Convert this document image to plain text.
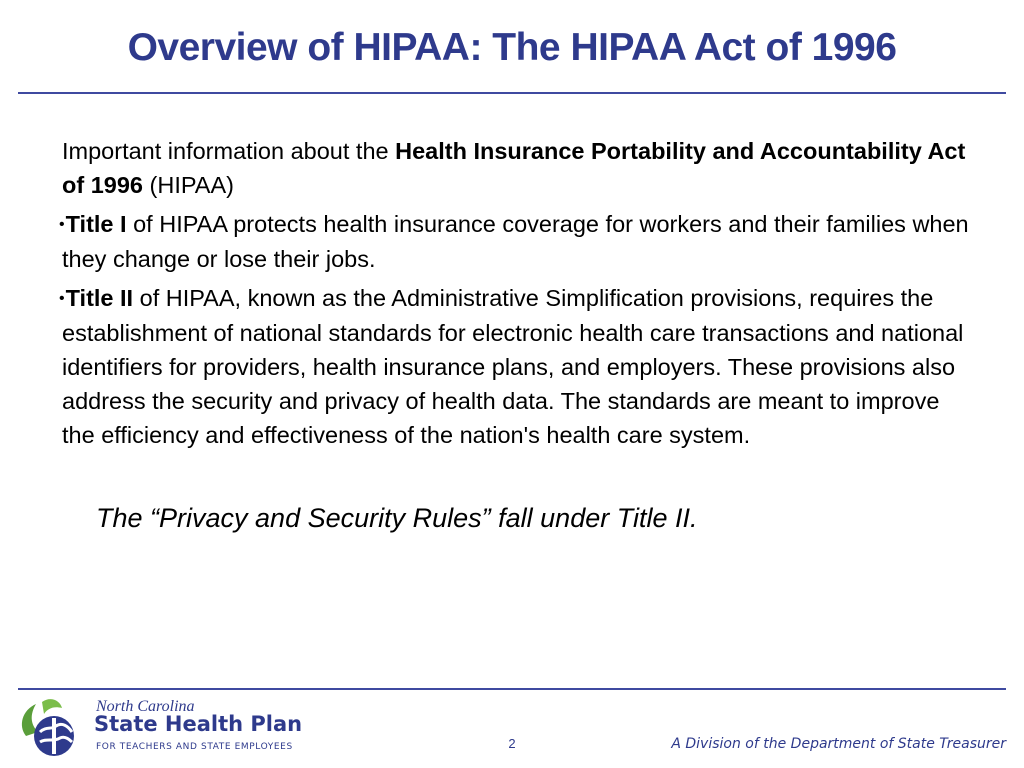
Overview of HIPAA: The HIPAA Act of 1996

Important information about the Health Insurance Portability and Accountability Act of 1996 (HIPAA)

•Title I of HIPAA protects health insurance coverage for workers and their families when they change or lose their jobs.

•Title II of HIPAA, known as the Administrative Simplification provisions, requires the establishment of national standards for electronic health care transactions and national identifiers for providers, health insurance plans, and employers. These provisions also address the security and privacy of health data. The standards are meant to improve the efficiency and effectiveness of the nation's health care system.

The “Privacy and Security Rules” fall under Title II.
North Carolina
State Health Plan
FOR TEACHERS AND STATE EMPLOYEES	2	A Division of the Department of State Treasurer
